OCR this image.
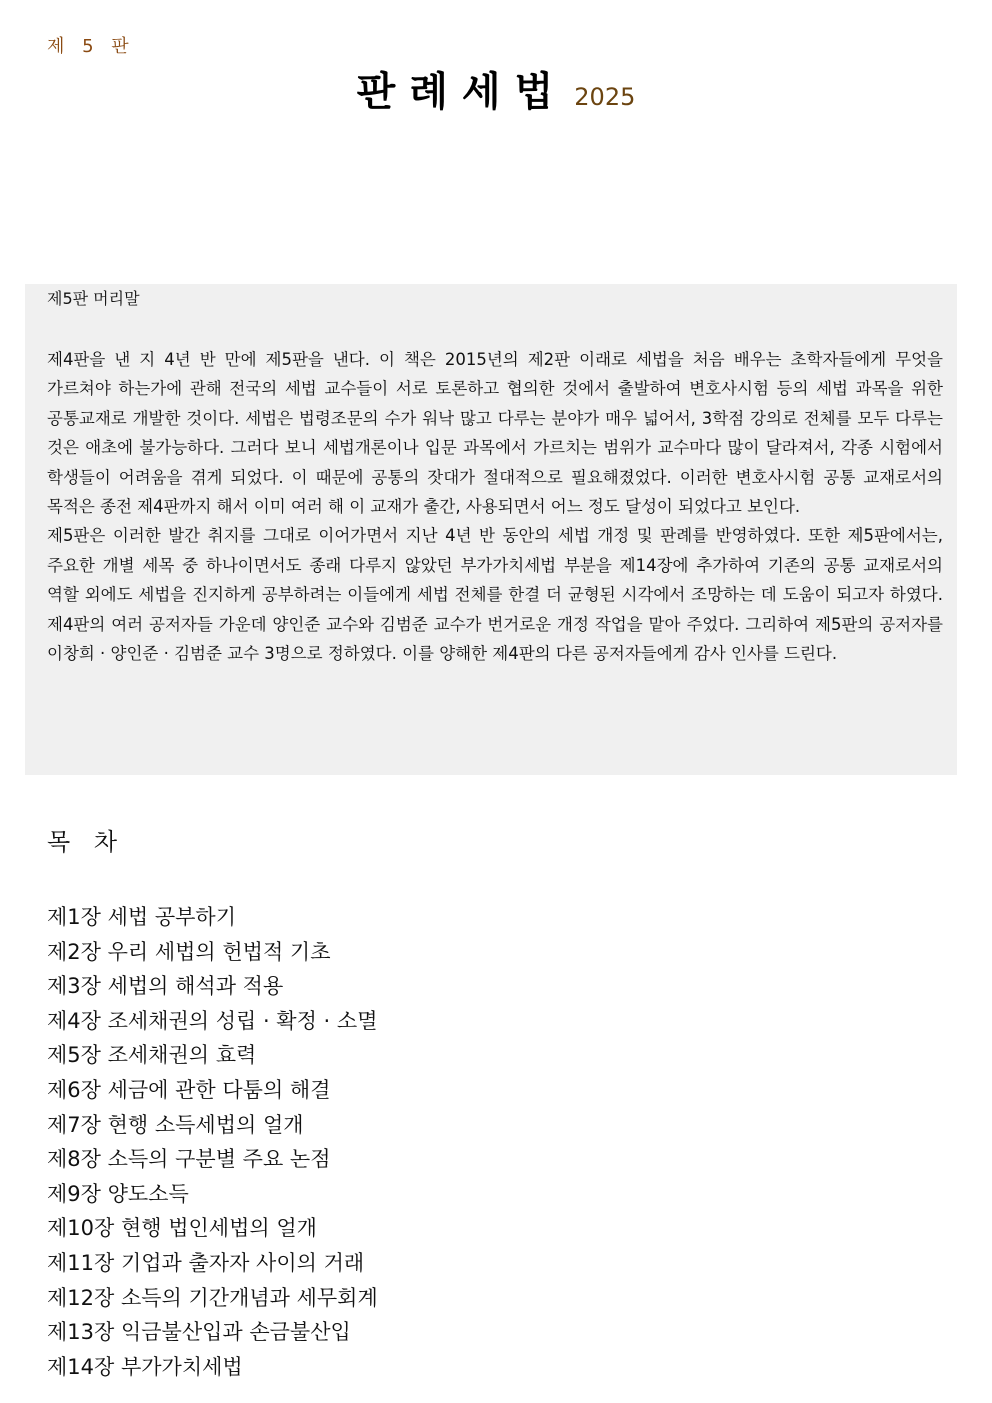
제 5 판
판례세법 2025
제5판 머리말

제4판을 낸 지 4년 반 만에 제5판을 낸다. 이 책은 2015년의 제2판 이래로 세법을 처음 배우는 초학자들에게 무엇을 가르쳐야 하는가에 관해 전국의 세법 교수들이 서로 토론하고 협의한 것에서 출발하여 변호사시험 등의 세법 과목을 위한 공통교재로 개발한 것이다. 세법은 법령조문의 수가 워낙 많고 다루는 분야가 매우 넓어서, 3학점 강의로 전체를 모두 다루는 것은 애초에 불가능하다. 그러다 보니 세법개론이나 입문 과목에서 가르치는 범위가 교수마다 많이 달라져서, 각종 시험에서 학생들이 어려움을 겪게 되었다. 이 때문에 공통의 잣대가 절대적으로 필요해졌었다. 이러한 변호사시험 공통 교재로서의 목적은 종전 제4판까지 해서 이미 여러 해 이 교재가 출간, 사용되면서 어느 정도 달성이 되었다고 보인다.

제5판은 이러한 발간 취지를 그대로 이어가면서 지난 4년 반 동안의 세법 개정 및 판례를 반영하였다. 또한 제5판에서는, 주요한 개별 세목 중 하나이면서도 종래 다루지 않았던 부가가치세법 부분을 제14장에 추가하여 기존의 공통 교재로서의 역할 외에도 세법을 진지하게 공부하려는 이들에게 세법 전체를 한결 더 균형된 시각에서 조망하는 데 도움이 되고자 하였다. 제4판의 여러 공저자들 가운데 양인준 교수와 김범준 교수가 번거로운 개정 작업을 맡아 주었다. 그리하여 제5판의 공저자를 이창희 · 양인준 · 김범준 교수 3명으로 정하였다. 이를 양해한 제4판의 다른 공저자들에게 감사 인사를 드린다.

목 차
제1장 세법 공부하기
제2장 우리 세법의 헌법적 기초
제3장 세법의 해석과 적용
제4장 조세채권의 성립 · 확정 · 소멸
제5장 조세채권의 효력
제6장 세금에 관한 다툼의 해결
제7장 현행 소득세법의 얼개
제8장 소득의 구분별 주요 논점
제9장 양도소득
제10장 현행 법인세법의 얼개
제11장 기업과 출자자 사이의 거래
제12장 소득의 기간개념과 세무회계
제13장 익금불산입과 손금불산입
제14장 부가가치세법
